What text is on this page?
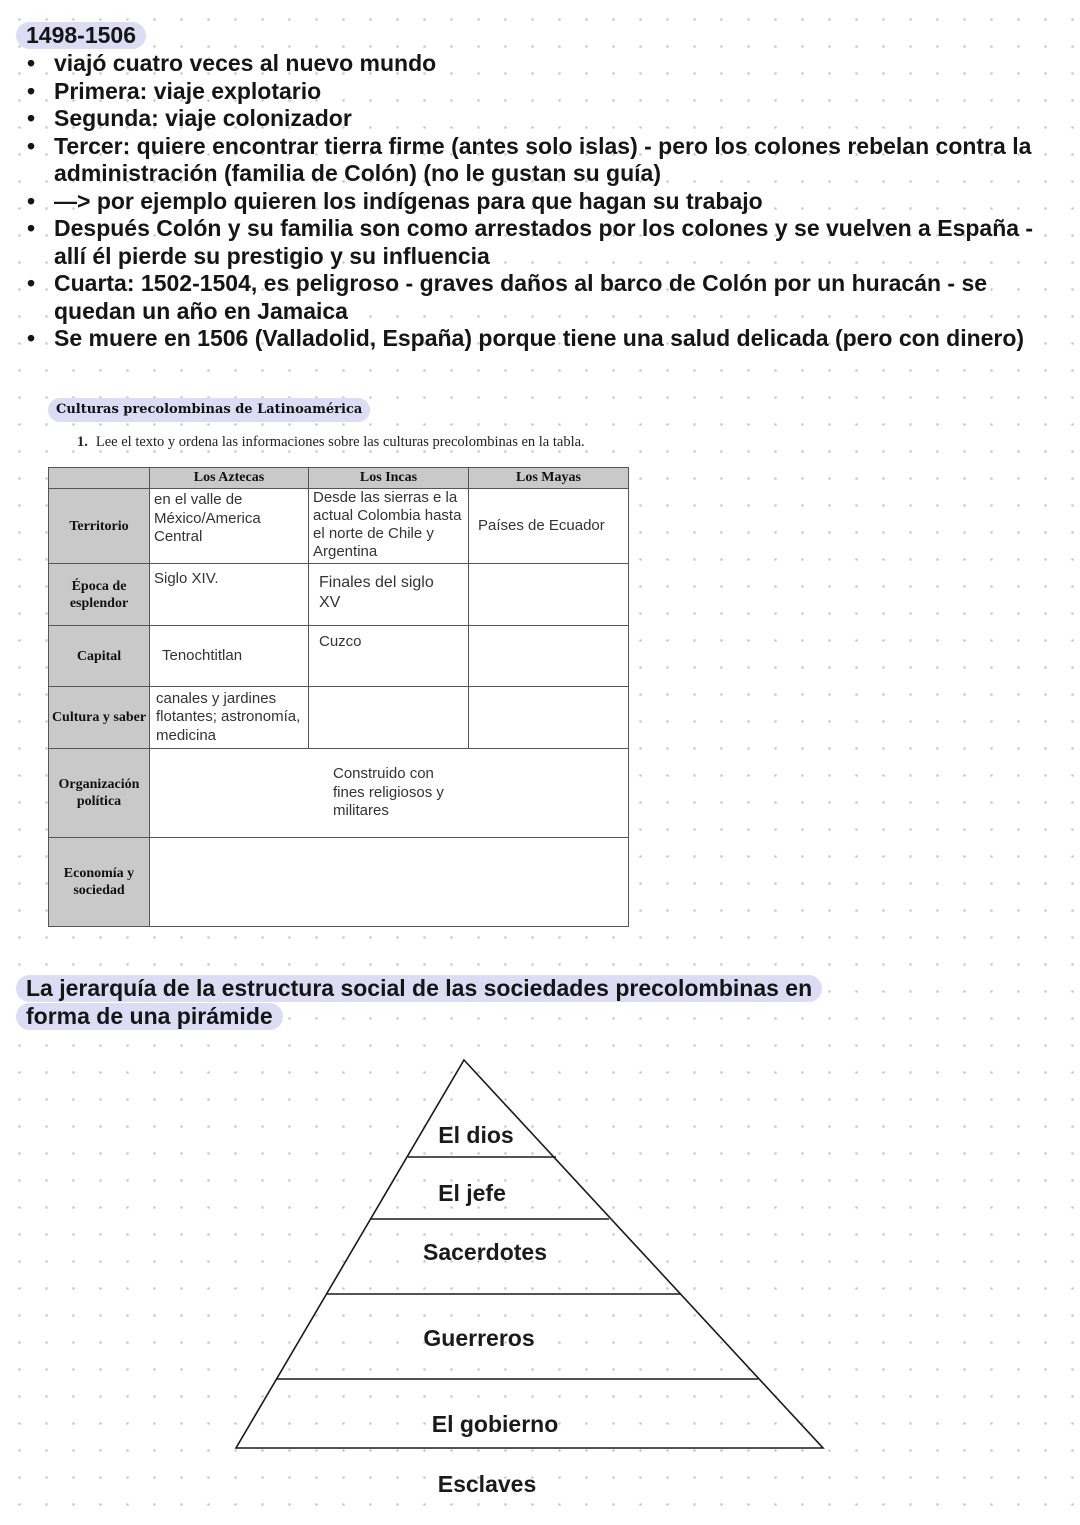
1498-1506
• viajó cuatro veces al nuevo mundo
• Primera: viaje explotario
• Segunda: viaje colonizador
• Tercer: quiere encontrar tierra firme (antes solo islas) - pero los colones rebelan contra la administración (familia de Colón) (no le gustan su guía)
• —> por ejemplo quieren los indígenas para que hagan su trabajo
• Después Colón y su familia son como arrestados por los colones y se vuelven a España - allí él pierde su prestigio y su influencia
• Cuarta: 1502-1504, es peligroso - graves daños al barco de Colón por un huracán - se quedan un año en Jamaica
• Se muere en 1506 (Valladolid, España) porque tiene una salud delicada (pero con dinero)
Culturas precolombinas de Latinoamérica
1. Lee el texto y ordena las informaciones sobre las culturas precolombinas en la tabla.
	Los Aztecas	Los Incas	Los Mayas
Territorio	en el valle de México/America Central	Desde las sierras e la actual Colombia hasta el norte de Chile y Argentina	Países de Ecuador

Época de esplendor	Siglo XIV.	Finales del siglo XV	

Capital	Tenochtitlan	Cuzco	

Cultura y saber	canales y jardines flotantes; astronomía, medicina		

Organización política	Construido con fines religiosos y militares		

Economía y sociedad			
La jerarquía de la estructura social de las sociedades precolombinas en
forma de una pirámide
El dios
El jefe
Sacerdotes
Guerreros
El gobierno
Esclaves
